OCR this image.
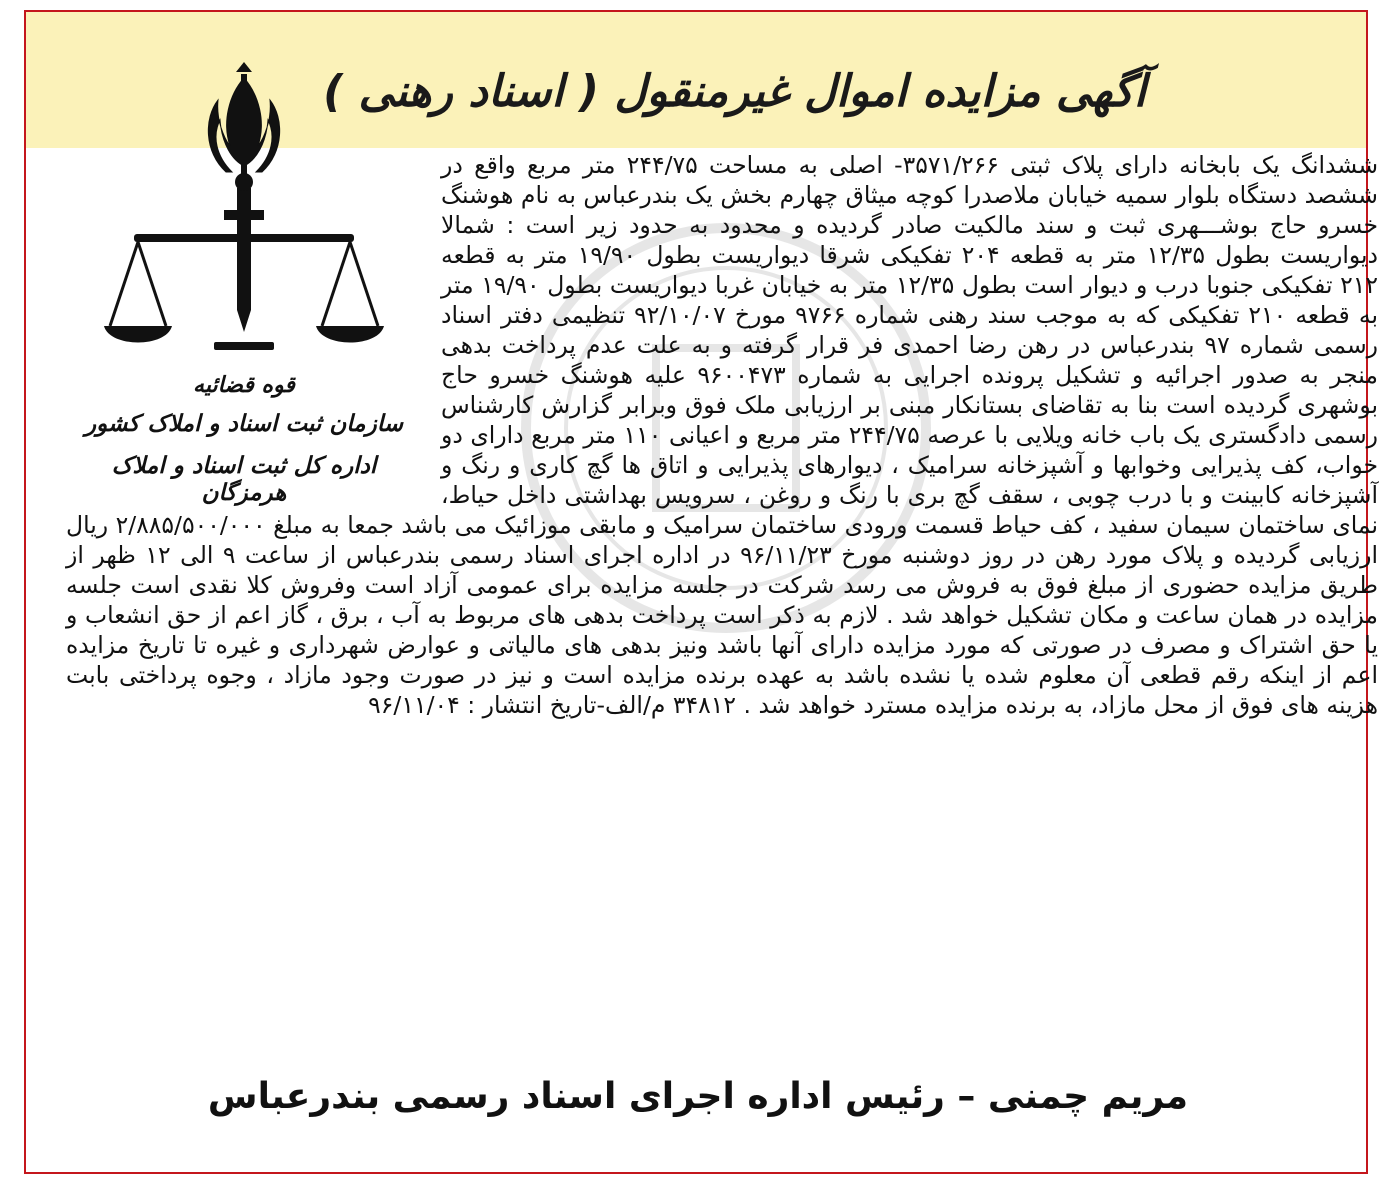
آگهی مزایده اموال غیرمنقول ( اسناد رهنی )
قوه قضائیه
سازمان ثبت اسناد و املاک کشور
اداره کل ثبت اسناد و املاک هرمزگان

ششدانگ یک بابخانه دارای پلاک ثبتی ۳۵۷۱/۲۶۶- اصلی به مساحت ۲۴۴/۷۵ متر مربع واقع در ششصد دستگاه بلوار سمیه خیابان ملاصدرا کوچه میثاق چهارم بخش یک بندرعباس به نام هوشنگ خسرو حاج بوشـــهری ثبت و سند مالکیت صادر گردیده و محدود به حدود زیر است : شمالا دیواریست بطول ۱۲/۳۵ متر به قطعه ۲۰۴ تفکیکی شرقا دیواریست بطول ۱۹/۹۰ متر به قطعه ۲۱۲ تفکیکی جنوبا درب و دیوار است بطول ۱۲/۳۵ متر به خیابان غربا دیواریست بطول ۱۹/۹۰ متر به قطعه ۲۱۰ تفکیکی که به موجب سند رهنی شماره ۹۷۶۶ مورخ ۹۲/۱۰/۰۷ تنظیمی دفتر اسناد رسمی شماره ۹۷ بندرعباس در رهن رضا احمدی فر قرار گرفته و به علت عدم پرداخت بدهی منجر به صدور اجرائیه و تشکیل پرونده اجرایی به شماره ۹۶۰۰۴۷۳ علیه هوشنگ خسرو حاج بوشهری گردیده است بنا به تقاضای بستانکار مبنی بر ارزیابی ملک فوق وبرابر گزارش کارشناس رسمی دادگستری یک باب خانه ویلایی با عرصه ۲۴۴/۷۵ متر مربع و اعیانی ۱۱۰ متر مربع دارای دو خواب، کف پذیرایی وخوابها و آشپزخانه سرامیک ، دیوارهای پذیرایی و اتاق ها گچ کاری و رنگ و آشپزخانه کابینت و با درب چوبی ، سقف گچ بری با رنگ و روغن ، سرویس بهداشتی داخل حیاط، نمای ساختمان سیمان سفید ، کف حیاط قسمت ورودی ساختمان سرامیک و مابقی موزائیک می باشد جمعا به مبلغ ۲/۸۸۵/۵۰۰/۰۰۰ ریال ارزیابی گردیده و پلاک مورد رهن در روز دوشنبه مورخ ۹۶/۱۱/۲۳ در اداره اجرای اسناد رسمی بندرعباس از ساعت ۹ الی ۱۲ ظهر از طریق مزایده حضوری از مبلغ فوق به فروش می رسد شرکت در جلسه مزایده برای عمومی آزاد است وفروش کلا نقدی است جلسه مزایده در همان ساعت و مکان تشکیل خواهد شد . لازم به ذکر است پرداخت بدهی های مربوط به آب ، برق ، گاز اعم از حق انشعاب و یا حق اشتراک و مصرف در صورتی که مورد مزایده دارای آنها باشد ونیز بدهی های مالیاتی و عوارض شهرداری و غیره تا تاریخ مزایده اعم از اینکه رقم قطعی آن معلوم شده یا نشده باشد به عهده برنده مزایده است و نیز در صورت وجود مازاد ، وجوه پرداختی بابت هزینه های فوق از محل مازاد، به برنده مزایده مسترد خواهد شد . ۳۴۸۱۲ م/الف-تاریخ انتشار : ۹۶/۱۱/۰۴

مریم چمنی – رئیس اداره اجرای اسناد رسمی بندرعباس
